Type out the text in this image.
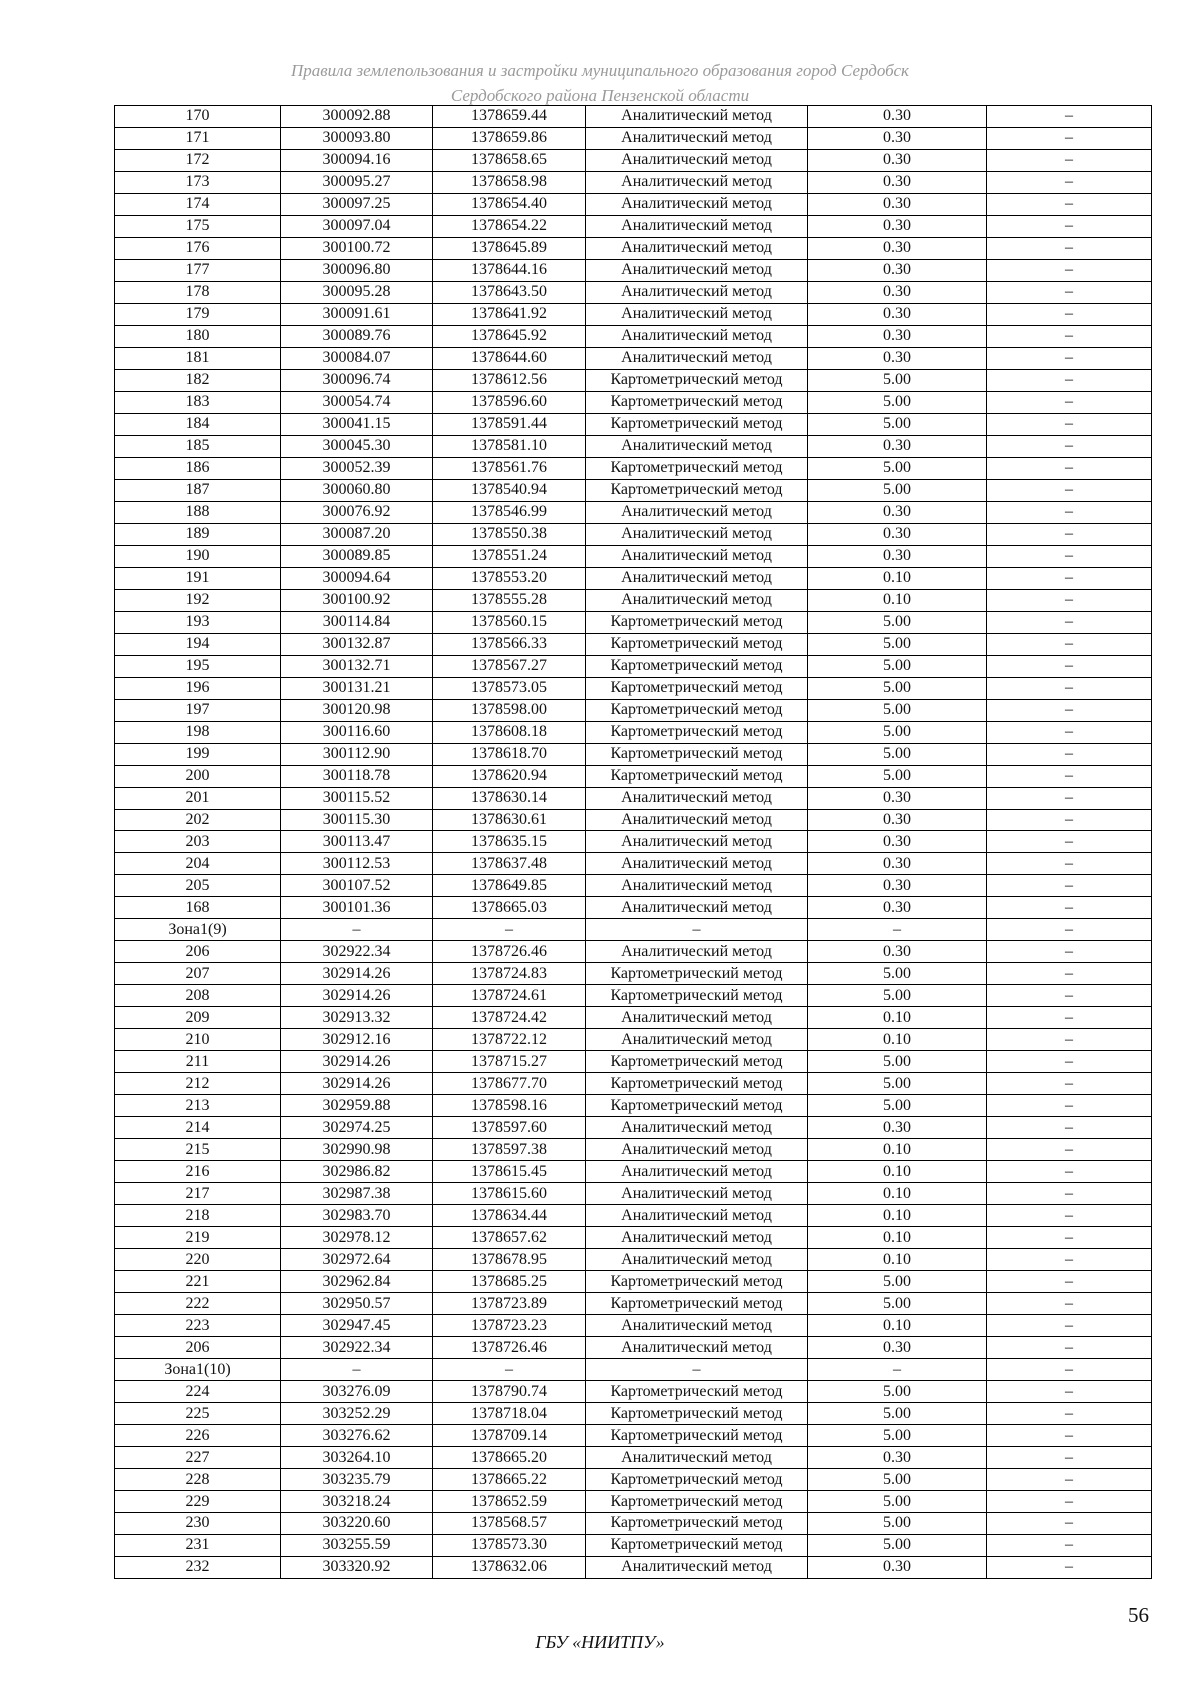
Правила землепользования и застройки муниципального образования город Сердобск
Сердобского района Пензенской области
170	300092.88	1378659.44	Аналитический метод	0.30	–
171	300093.80	1378659.86	Аналитический метод	0.30	–
172	300094.16	1378658.65	Аналитический метод	0.30	–
173	300095.27	1378658.98	Аналитический метод	0.30	–
174	300097.25	1378654.40	Аналитический метод	0.30	–
175	300097.04	1378654.22	Аналитический метод	0.30	–
176	300100.72	1378645.89	Аналитический метод	0.30	–
177	300096.80	1378644.16	Аналитический метод	0.30	–
178	300095.28	1378643.50	Аналитический метод	0.30	–
179	300091.61	1378641.92	Аналитический метод	0.30	–
180	300089.76	1378645.92	Аналитический метод	0.30	–
181	300084.07	1378644.60	Аналитический метод	0.30	–
182	300096.74	1378612.56	Картометрический метод	5.00	–
183	300054.74	1378596.60	Картометрический метод	5.00	–
184	300041.15	1378591.44	Картометрический метод	5.00	–
185	300045.30	1378581.10	Аналитический метод	0.30	–
186	300052.39	1378561.76	Картометрический метод	5.00	–
187	300060.80	1378540.94	Картометрический метод	5.00	–
188	300076.92	1378546.99	Аналитический метод	0.30	–
189	300087.20	1378550.38	Аналитический метод	0.30	–
190	300089.85	1378551.24	Аналитический метод	0.30	–
191	300094.64	1378553.20	Аналитический метод	0.10	–
192	300100.92	1378555.28	Аналитический метод	0.10	–
193	300114.84	1378560.15	Картометрический метод	5.00	–
194	300132.87	1378566.33	Картометрический метод	5.00	–
195	300132.71	1378567.27	Картометрический метод	5.00	–
196	300131.21	1378573.05	Картометрический метод	5.00	–
197	300120.98	1378598.00	Картометрический метод	5.00	–
198	300116.60	1378608.18	Картометрический метод	5.00	–
199	300112.90	1378618.70	Картометрический метод	5.00	–
200	300118.78	1378620.94	Картометрический метод	5.00	–
201	300115.52	1378630.14	Аналитический метод	0.30	–
202	300115.30	1378630.61	Аналитический метод	0.30	–
203	300113.47	1378635.15	Аналитический метод	0.30	–
204	300112.53	1378637.48	Аналитический метод	0.30	–
205	300107.52	1378649.85	Аналитический метод	0.30	–
168	300101.36	1378665.03	Аналитический метод	0.30	–
Зона1(9)	–	–	–	–	–
206	302922.34	1378726.46	Аналитический метод	0.30	–
207	302914.26	1378724.83	Картометрический метод	5.00	–
208	302914.26	1378724.61	Картометрический метод	5.00	–
209	302913.32	1378724.42	Аналитический метод	0.10	–
210	302912.16	1378722.12	Аналитический метод	0.10	–
211	302914.26	1378715.27	Картометрический метод	5.00	–
212	302914.26	1378677.70	Картометрический метод	5.00	–
213	302959.88	1378598.16	Картометрический метод	5.00	–
214	302974.25	1378597.60	Аналитический метод	0.30	–
215	302990.98	1378597.38	Аналитический метод	0.10	–
216	302986.82	1378615.45	Аналитический метод	0.10	–
217	302987.38	1378615.60	Аналитический метод	0.10	–
218	302983.70	1378634.44	Аналитический метод	0.10	–
219	302978.12	1378657.62	Аналитический метод	0.10	–
220	302972.64	1378678.95	Аналитический метод	0.10	–
221	302962.84	1378685.25	Картометрический метод	5.00	–
222	302950.57	1378723.89	Картометрический метод	5.00	–
223	302947.45	1378723.23	Аналитический метод	0.10	–
206	302922.34	1378726.46	Аналитический метод	0.30	–
Зона1(10)	–	–	–	–	–
224	303276.09	1378790.74	Картометрический метод	5.00	–
225	303252.29	1378718.04	Картометрический метод	5.00	–
226	303276.62	1378709.14	Картометрический метод	5.00	–
227	303264.10	1378665.20	Аналитический метод	0.30	–
228	303235.79	1378665.22	Картометрический метод	5.00	–
229	303218.24	1378652.59	Картометрический метод	5.00	–
230	303220.60	1378568.57	Картометрический метод	5.00	–
231	303255.59	1378573.30	Картометрический метод	5.00	–
232	303320.92	1378632.06	Аналитический метод	0.30	–
56
ГБУ «НИИТПУ»
